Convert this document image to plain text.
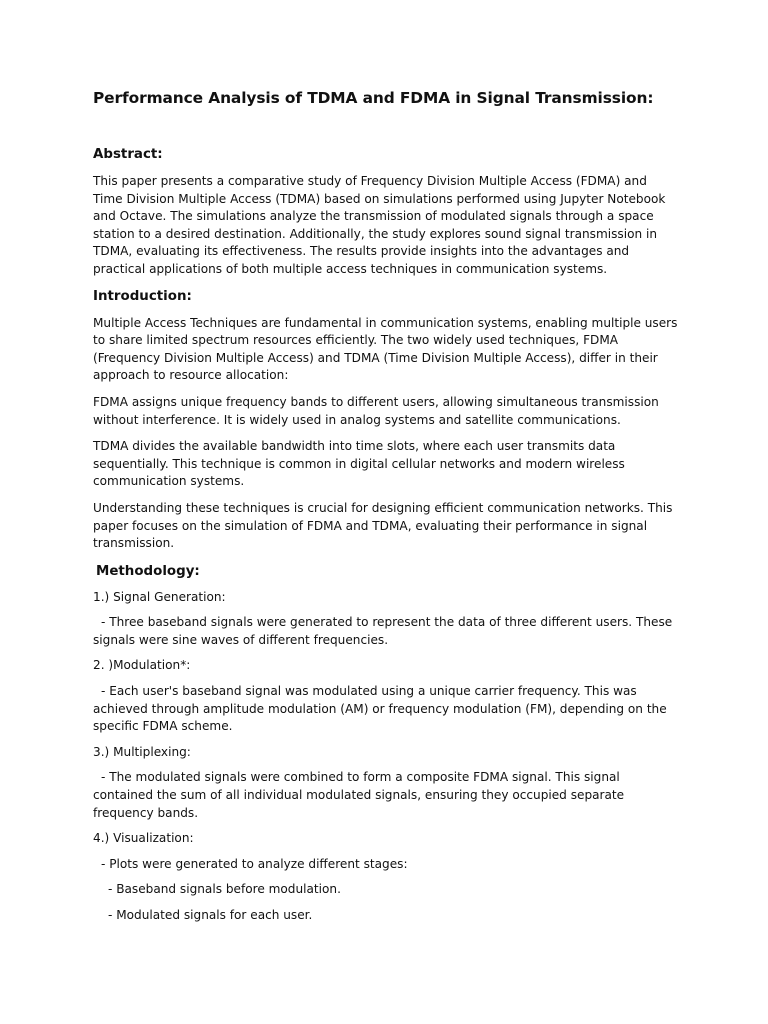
Performance Analysis of TDMA and FDMA in Signal Transmission:
Abstract:

This paper presents a comparative study of Frequency Division Multiple Access (FDMA) and Time Division Multiple Access (TDMA) based on simulations performed using Jupyter Notebook and Octave. The simulations analyze the transmission of modulated signals through a space station to a desired destination. Additionally, the study explores sound signal transmission in TDMA, evaluating its effectiveness. The results provide insights into the advantages and practical applications of both multiple access techniques in communication systems.

Introduction:

Multiple Access Techniques are fundamental in communication systems, enabling multiple users to share limited spectrum resources efficiently. The two widely used techniques, FDMA (Frequency Division Multiple Access) and TDMA (Time Division Multiple Access), differ in their approach to resource allocation:

FDMA assigns unique frequency bands to different users, allowing simultaneous transmission without interference. It is widely used in analog systems and satellite communications.

TDMA divides the available bandwidth into time slots, where each user transmits data sequentially. This technique is common in digital cellular networks and modern wireless communication systems.

Understanding these techniques is crucial for designing efficient communication networks. This paper focuses on the simulation of FDMA and TDMA, evaluating their performance in signal transmission.

Methodology:

1.) Signal Generation:

- Three baseband signals were generated to represent the data of three different users. These signals were sine waves of different frequencies.

2. )Modulation*:

- Each user's baseband signal was modulated using a unique carrier frequency. This was achieved through amplitude modulation (AM) or frequency modulation (FM), depending on the specific FDMA scheme.

3.) Multiplexing:

- The modulated signals were combined to form a composite FDMA signal. This signal contained the sum of all individual modulated signals, ensuring they occupied separate frequency bands.

4.) Visualization:

- Plots were generated to analyze different stages:

- Baseband signals before modulation.

- Modulated signals for each user.
